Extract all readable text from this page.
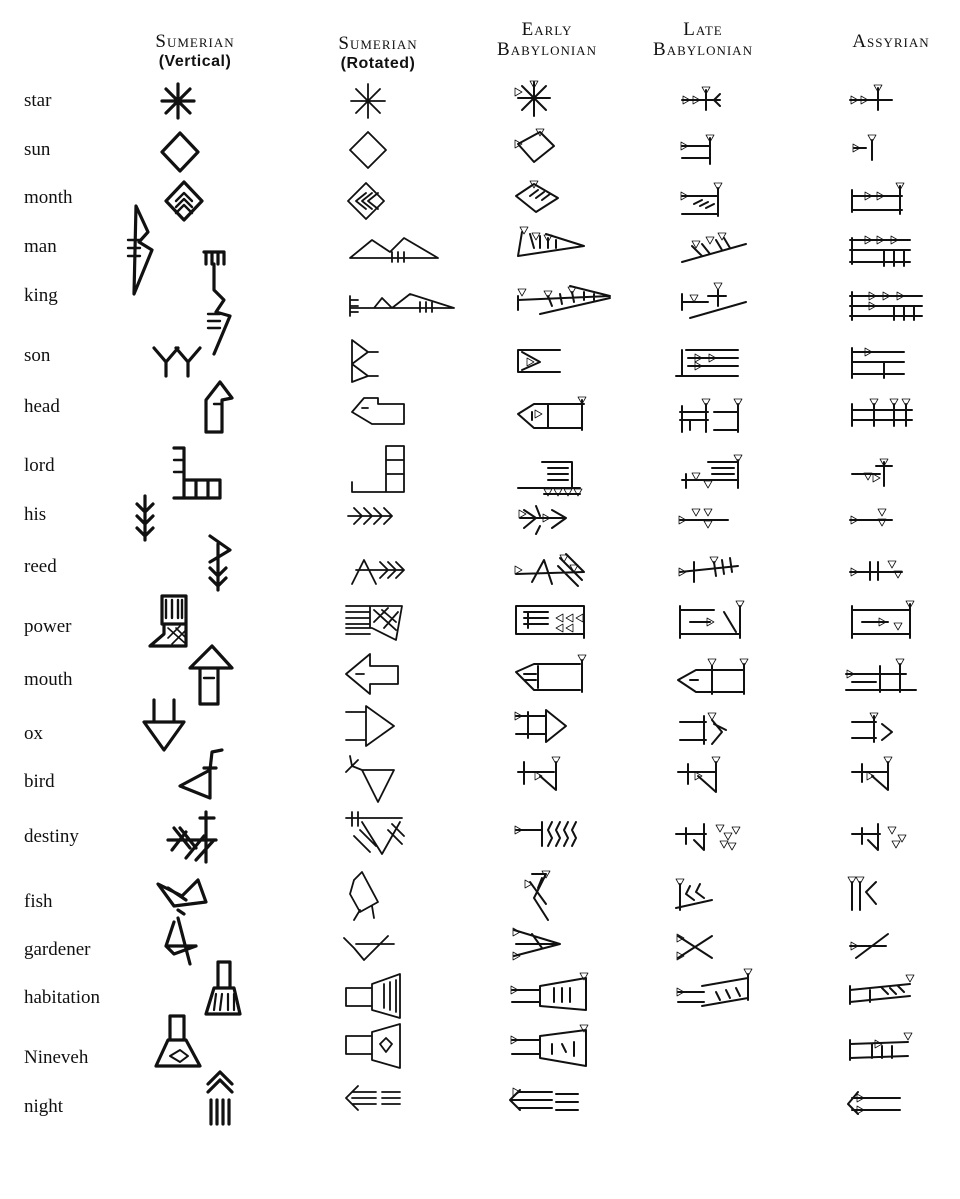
Sumerian
(Vertical)
Sumerian
(Rotated)
Early
Babylonian
Late
Babylonian	Assyrian
star
sun
month
man
king
son
head
lord
his
reed
power
mouth
ox
bird
destiny
fish
gardener
habitation
Nineveh
night
